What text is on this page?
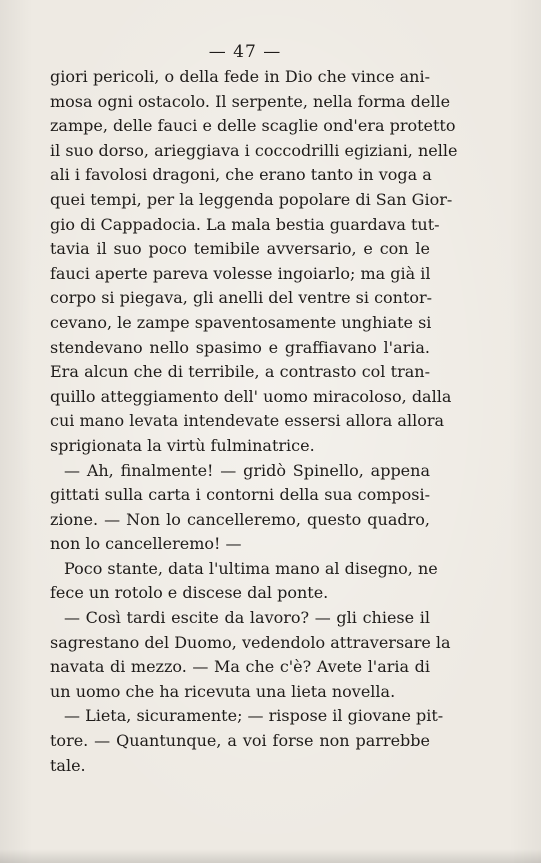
— 47 —
giori pericoli, o della fede in Dio che vince ani-
mosa ogni ostacolo. Il serpente, nella forma delle
zampe, delle fauci e delle scaglie ond'era protetto
il suo dorso, arieggiava i coccodrilli egiziani, nelle
ali i favolosi dragoni, che erano tanto in voga a
quei tempi, per la leggenda popolare di San Gior-
gio di Cappadocia. La mala bestia guardava tut-
tavia il suo poco temibile avversario, e con le
fauci aperte pareva volesse ingoiarlo; ma già il
corpo si piegava, gli anelli del ventre si contor-
cevano, le zampe spaventosamente unghiate si
stendevano nello spasimo e graffiavano l'aria.
Era alcun che di terribile, a contrasto col tran-
quillo atteggiamento dell' uomo miracoloso, dalla
cui mano levata intendevate essersi allora allora
sprigionata la virtù fulminatrice.
— Ah, finalmente! — gridò Spinello, appena
gittati sulla carta i contorni della sua composi-
zione. — Non lo cancelleremo, questo quadro,
non lo cancelleremo! —
Poco stante, data l'ultima mano al disegno, ne
fece un rotolo e discese dal ponte.
— Così tardi escite da lavoro? — gli chiese il
sagrestano del Duomo, vedendolo attraversare la
navata di mezzo. — Ma che c'è? Avete l'aria di
un uomo che ha ricevuta una lieta novella.
— Lieta, sicuramente; — rispose il giovane pit-
tore. — Quantunque, a voi forse non parrebbe
tale.
